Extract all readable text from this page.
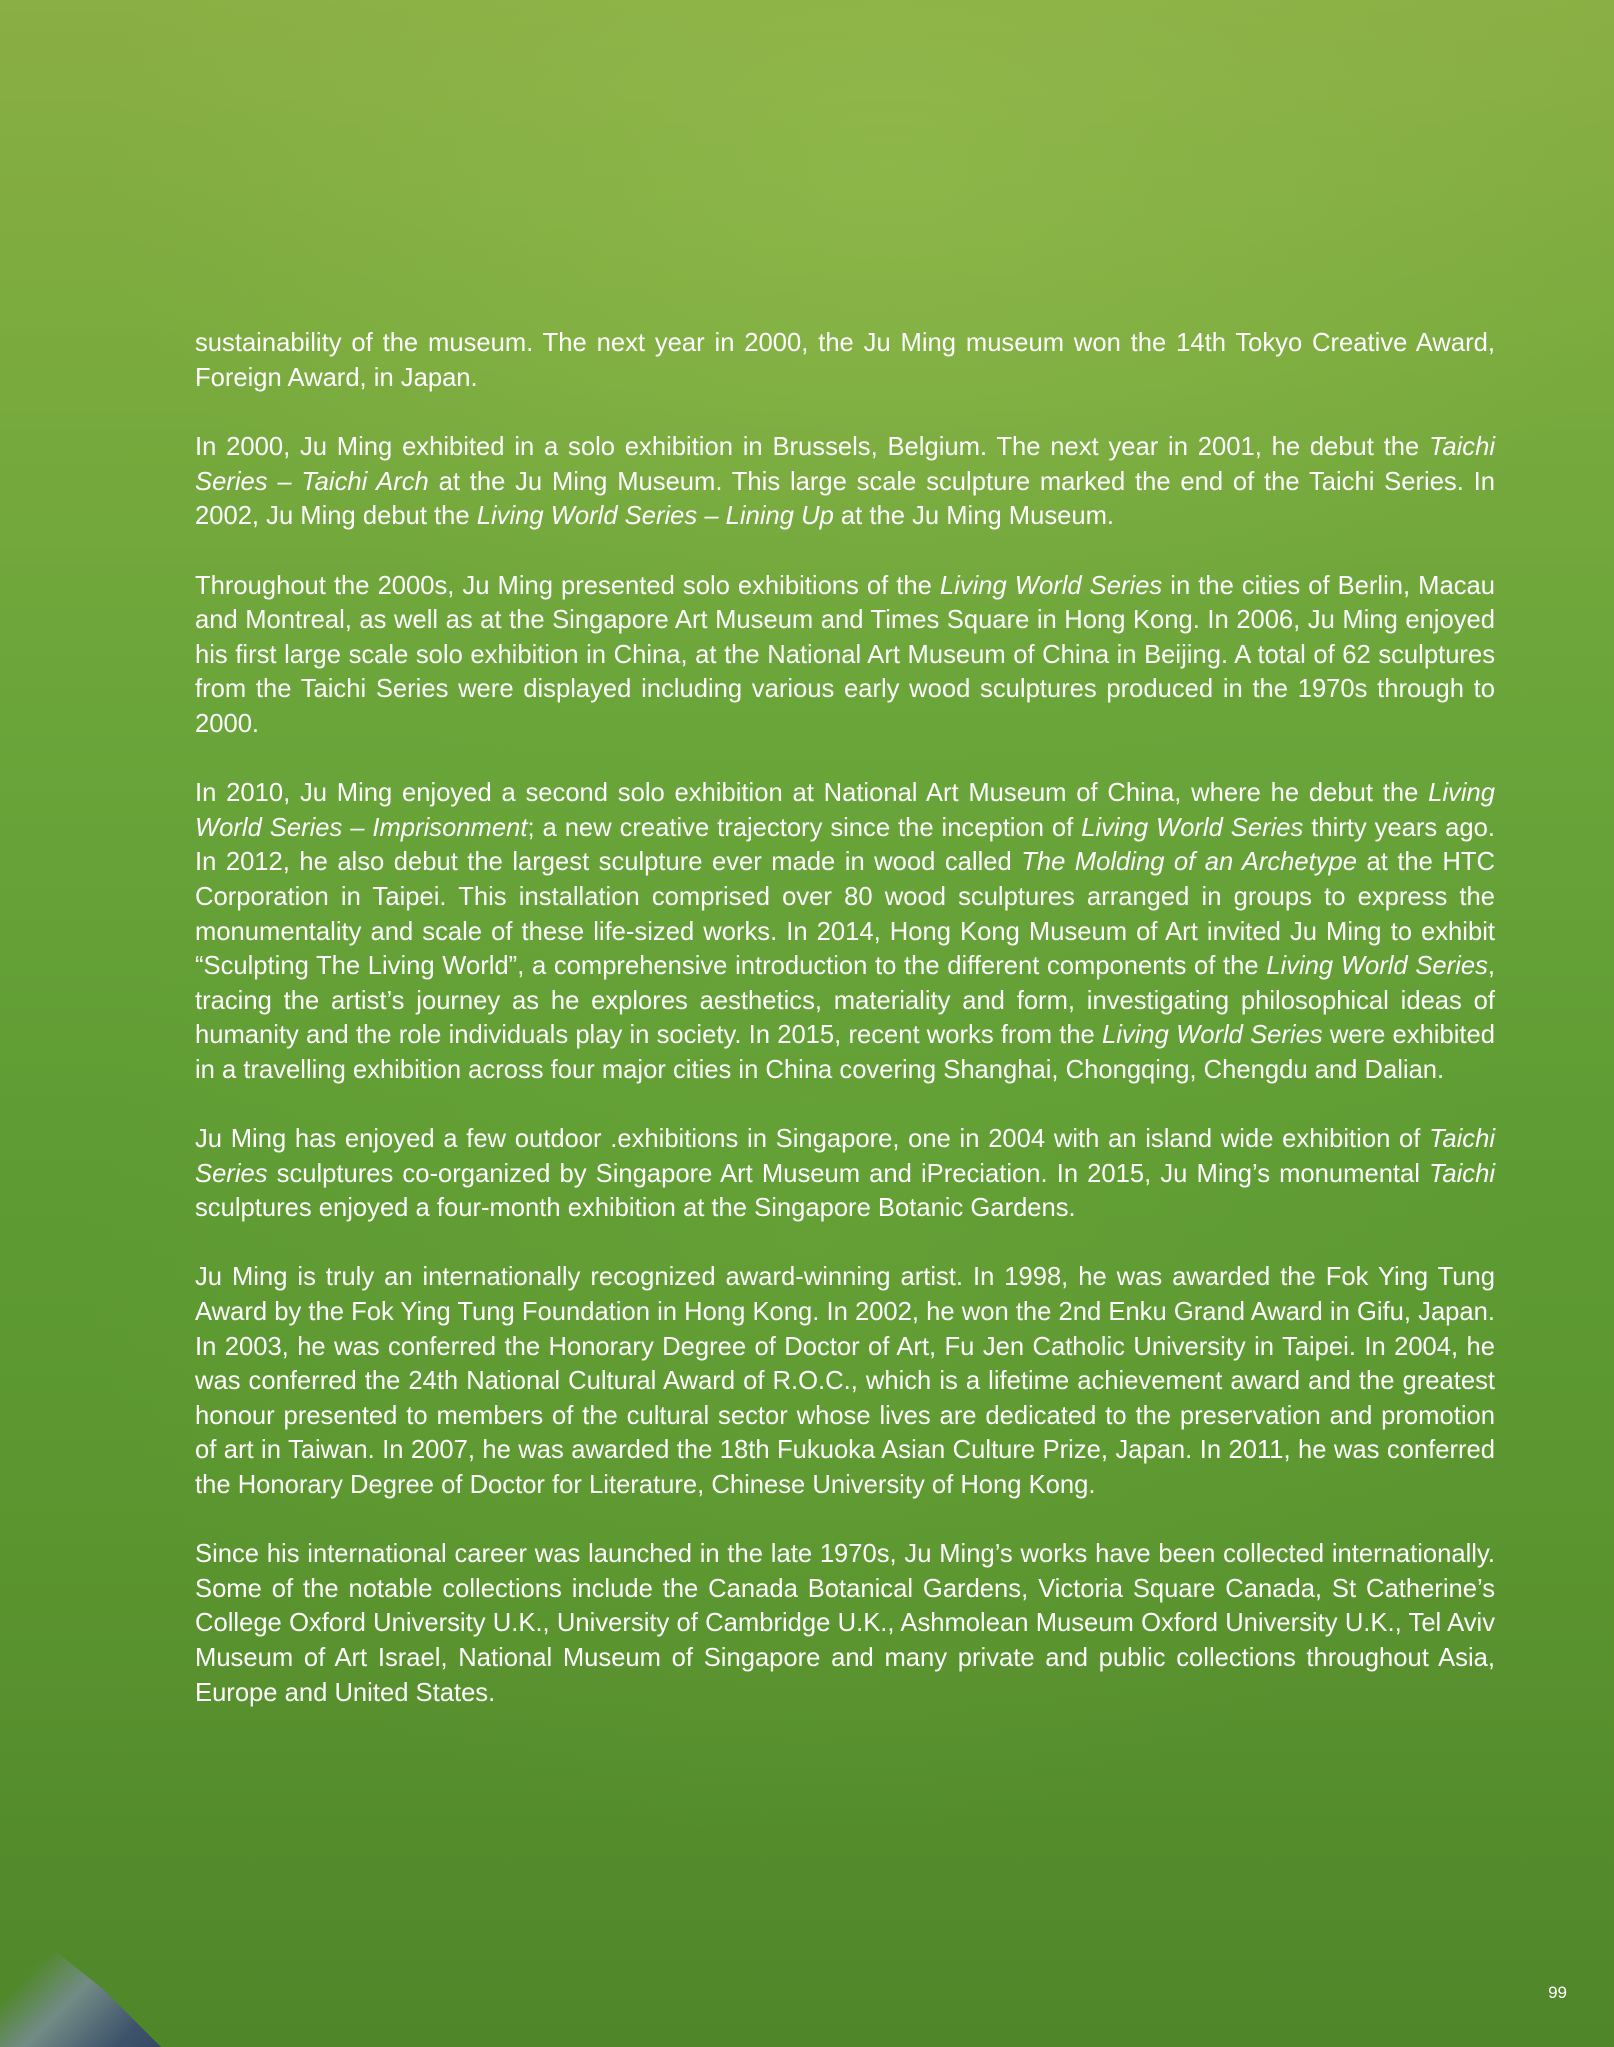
sustainability of the museum. The next year in 2000, the Ju Ming museum won the 14th Tokyo Creative Award, Foreign Award, in Japan.

In 2000, Ju Ming exhibited in a solo exhibition in Brussels, Belgium. The next year in 2001, he debut the Taichi Series – Taichi Arch at the Ju Ming Museum. This large scale sculpture marked the end of the Taichi Series. In 2002, Ju Ming debut the Living World Series – Lining Up at the Ju Ming Museum.

Throughout the 2000s, Ju Ming presented solo exhibitions of the Living World Series in the cities of Berlin, Macau and Montreal, as well as at the Singapore Art Museum and Times Square in Hong Kong. In 2006, Ju Ming enjoyed his first large scale solo exhibition in China, at the National Art Museum of China in Beijing. A total of 62 sculptures from the Taichi Series were displayed including various early wood sculptures produced in the 1970s through to 2000.

In 2010, Ju Ming enjoyed a second solo exhibition at National Art Museum of China, where he debut the Living World Series – Imprisonment; a new creative trajectory since the inception of Living World Series thirty years ago. In 2012, he also debut the largest sculpture ever made in wood called The Molding of an Archetype at the HTC Corporation in Taipei. This installation comprised over 80 wood sculptures arranged in groups to express the monumentality and scale of these life-sized works. In 2014, Hong Kong Museum of Art invited Ju Ming to exhibit “Sculpting The Living World”, a comprehensive introduction to the different components of the Living World Series, tracing the artist’s journey as he explores aesthetics, materiality and form, investigating philosophical ideas of humanity and the role individuals play in society. In 2015, recent works from the Living World Series were exhibited in a travelling exhibition across four major cities in China covering Shanghai, Chongqing, Chengdu and Dalian.

Ju Ming has enjoyed a few outdoor .exhibitions in Singapore, one in 2004 with an island wide exhibition of Taichi Series sculptures co-organized by Singapore Art Museum and iPreciation. In 2015, Ju Ming’s monumental Taichi sculptures enjoyed a four-month exhibition at the Singapore Botanic Gardens.

Ju Ming is truly an internationally recognized award-winning artist. In 1998, he was awarded the Fok Ying Tung Award by the Fok Ying Tung Foundation in Hong Kong. In 2002, he won the 2nd Enku Grand Award in Gifu, Japan. In 2003, he was conferred the Honorary Degree of Doctor of Art, Fu Jen Catholic University in Taipei. In 2004, he was conferred the 24th National Cultural Award of R.O.C., which is a lifetime achievement award and the greatest honour presented to members of the cultural sector whose lives are dedicated to the preservation and promotion of art in Taiwan. In 2007, he was awarded the 18th Fukuoka Asian Culture Prize, Japan. In 2011, he was conferred the Honorary Degree of Doctor for Literature, Chinese University of Hong Kong.

Since his international career was launched in the late 1970s, Ju Ming’s works have been collected internationally. Some of the notable collections include the Canada Botanical Gardens, Victoria Square Canada, St Catherine’s College Oxford University U.K., University of Cambridge U.K., Ashmolean Museum Oxford University U.K., Tel Aviv Museum of Art Israel, National Museum of Singapore and many private and public collections throughout Asia, Europe and United States.

99
